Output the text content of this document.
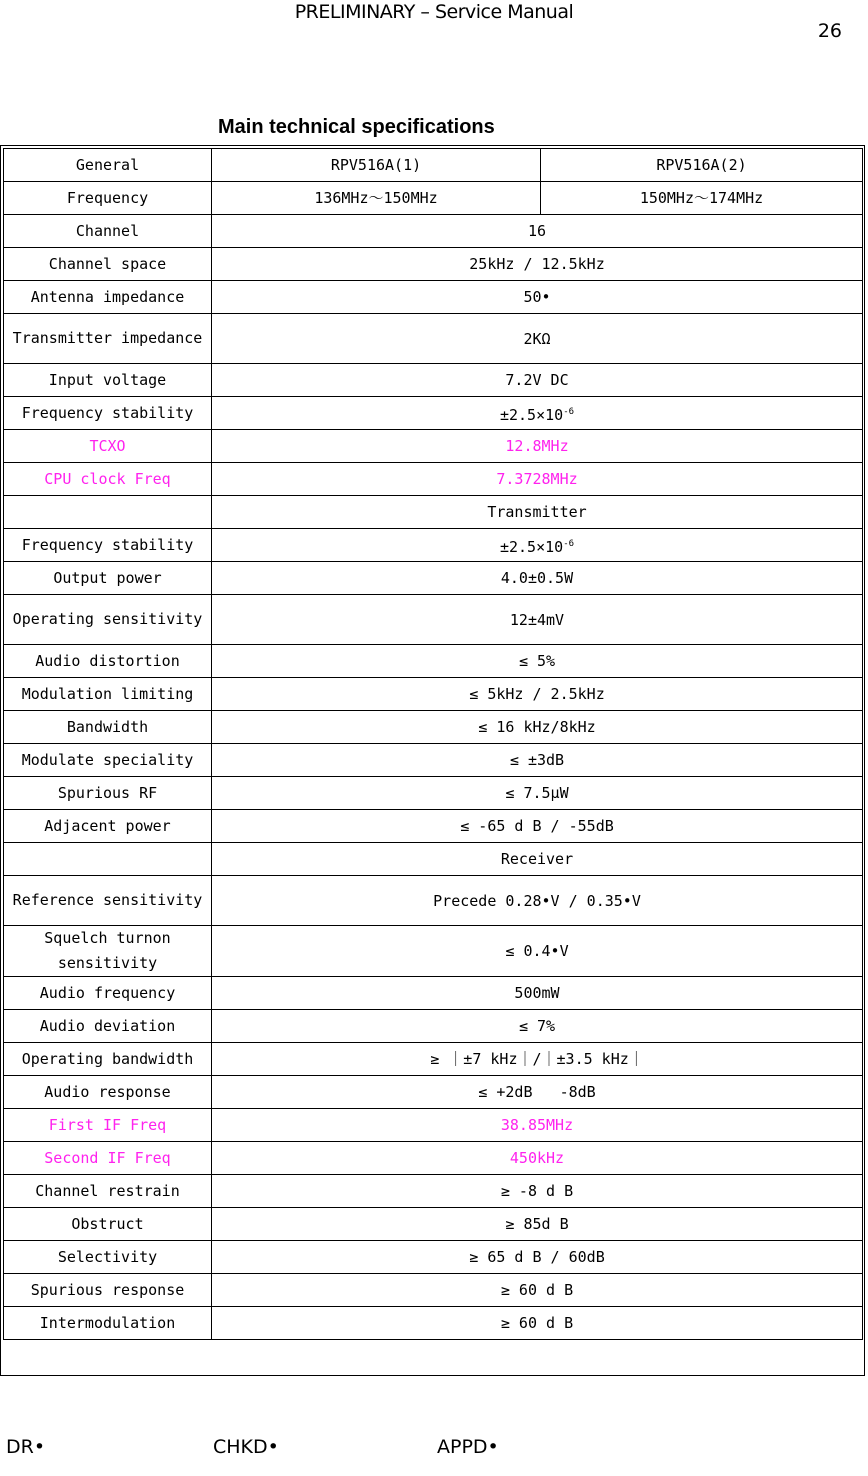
PRELIMINARY – Service Manual
Main technical specifications
General	RPV516A(1)	RPV516A(2)
Frequency	136MHz～150MHz	150MHz～174MHz
Channel	16	
Channel space	25kHz / 12.5kHz	
Antenna impedance	50•	
Transmitter impedance	2KΩ	
Input voltage	7.2V DC	
Frequency stability	$\pm 2.5\times 10^{-6}$
TCXO	12.8MHz	
CPU clock Freq	7.3728MHz	
	Transmitter	
Frequency stability	$\pm 2.5\times 10^{-6}$
Output power	4.0±0.5W	
Operating sensitivity	12±4mV	
Audio distortion	≤ 5%	
Modulation limiting	≤ 5kHz / 2.5kHz	
Bandwidth	≤ 16 kHz/8kHz	
Modulate speciality	≤ ±3dB	
Spurious RF	≤ 7.5μW	
Adjacent power	≤ -65 d B / -55dB	
	Receiver	
Reference sensitivity	Precede 0.28•V / 0.35•V	
Squelch turnon sensitivity	≤ 0.4•V	
Audio frequency	500mW	
Audio deviation	≤ 7%	
Operating bandwidth	≥ ｜±7 kHz｜/｜±3.5 kHz｜	
Audio response	≤ +2dB   -8dB	
First IF Freq	38.85MHz	
Second IF Freq	450kHz	
Channel restrain	≥ -8 d B	
Obstruct	≥ 85d B	
Selectivity	≥ 65 d B / 60dB	
Spurious response	≥ 60 d B	
Intermodulation	≥ 60 d B	
DR•	CHKD•	APPD•
26
